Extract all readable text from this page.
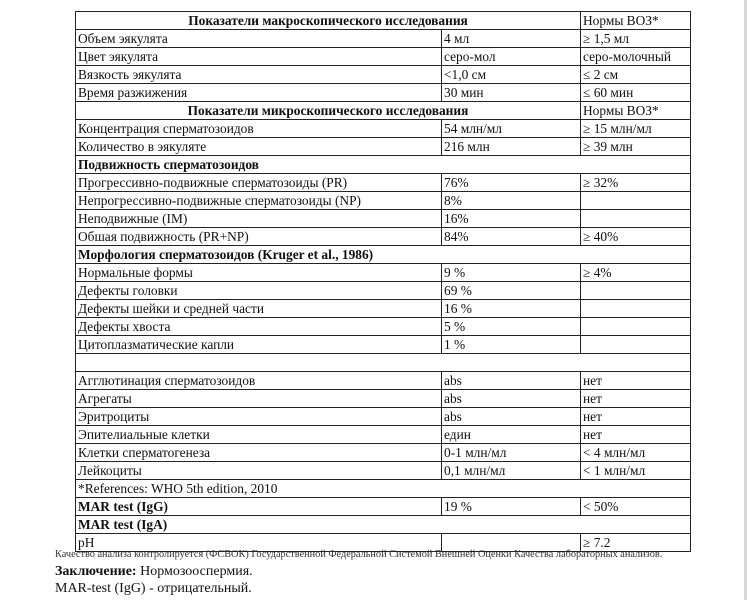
Показатели макроскопического исследования		Нормы ВОЗ*
Объем эякулята	4 мл	≥ 1,5 мл
Цвет эякулята	серо-мол	серо-молочный
Вязкость эякулята	<1,0 см	≤ 2 см
Время разжижения	30 мин	≤ 60 мин
Показатели микроскопического исследования		Нормы ВОЗ*
Концентрация сперматозоидов	54 млн/мл	≥ 15 млн/мл
Количество в эякуляте	216 млн	≥ 39 млн
Подвижность сперматозоидов		
Прогрессивно-подвижные сперматозоиды (PR)	76%	≥ 32%
Непрогрессивно-подвижные сперматозоиды (NP)	8%	
Неподвижные (IM)	16%	
Обшая подвижность (PR+NP)	84%	≥ 40%
Морфология сперматозоидов (Kruger et al., 1986)		
Нормальные формы	9 %	≥ 4%
Дефекты головки	69 %	
Дефекты шейки и средней части	16 %	
Дефекты хвоста	5 %	
Цитоплазматические капли	1 %	

Агглютинация сперматозоидов	abs	нет
Агрегаты	abs	нет
Эритроциты	abs	нет
Эпителиальные клетки	един	нет
Клетки сперматогенеза	0-1 млн/мл	< 4 млн/мл
Лейкоциты	0,1 млн/мл	< 1 млн/мл
*References: WHO 5th edition, 2010		
MAR test (IgG)	19 %	< 50%
MAR test (IgA)		
pH		≥ 7.2
Качество анализа контролируется (ФСВОК) Государственной Федеральной Системой Внешней Оценки Качества лабораторных анализов.
Заключение: Нормозооспермия.
MAR-test (IgG) - отрицательный.
